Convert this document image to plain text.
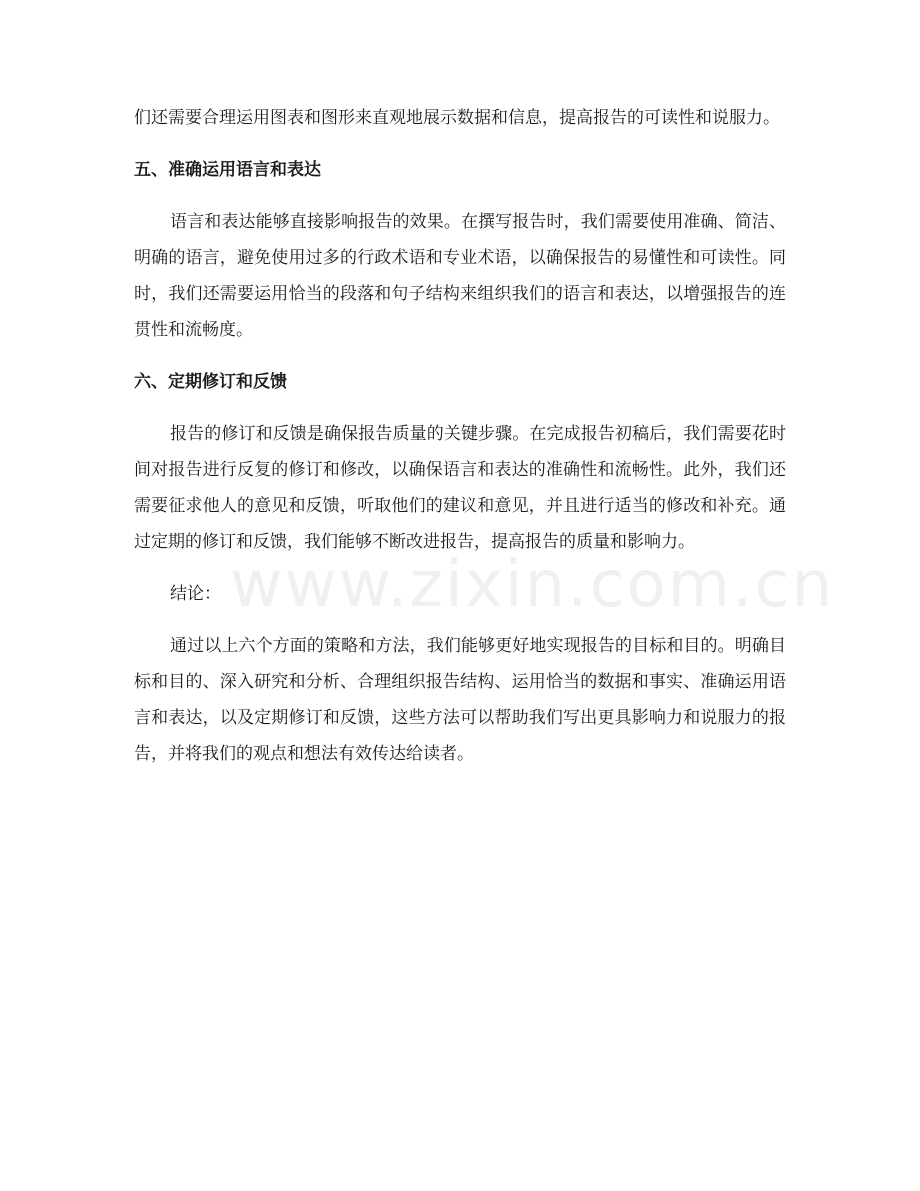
们还需要合理运用图表和图形来直观地展示数据和信息，提高报告的可读性和说服力。

五、准确运用语言和表达

语言和表达能够直接影响报告的效果。在撰写报告时，我们需要使用准确、简洁、明确的语言，避免使用过多的行政术语和专业术语，以确保报告的易懂性和可读性。同时，我们还需要运用恰当的段落和句子结构来组织我们的语言和表达，以增强报告的连贯性和流畅度。

六、定期修订和反馈

报告的修订和反馈是确保报告质量的关键步骤。在完成报告初稿后，我们需要花时间对报告进行反复的修订和修改，以确保语言和表达的准确性和流畅性。此外，我们还需要征求他人的意见和反馈，听取他们的建议和意见，并且进行适当的修改和补充。通过定期的修订和反馈，我们能够不断改进报告，提高报告的质量和影响力。

结论：

通过以上六个方面的策略和方法，我们能够更好地实现报告的目标和目的。明确目标和目的、深入研究和分析、合理组织报告结构、运用恰当的数据和事实、准确运用语言和表达，以及定期修订和反馈，这些方法可以帮助我们写出更具影响力和说服力的报告，并将我们的观点和想法有效传达给读者。

www.zixin.com.cn
